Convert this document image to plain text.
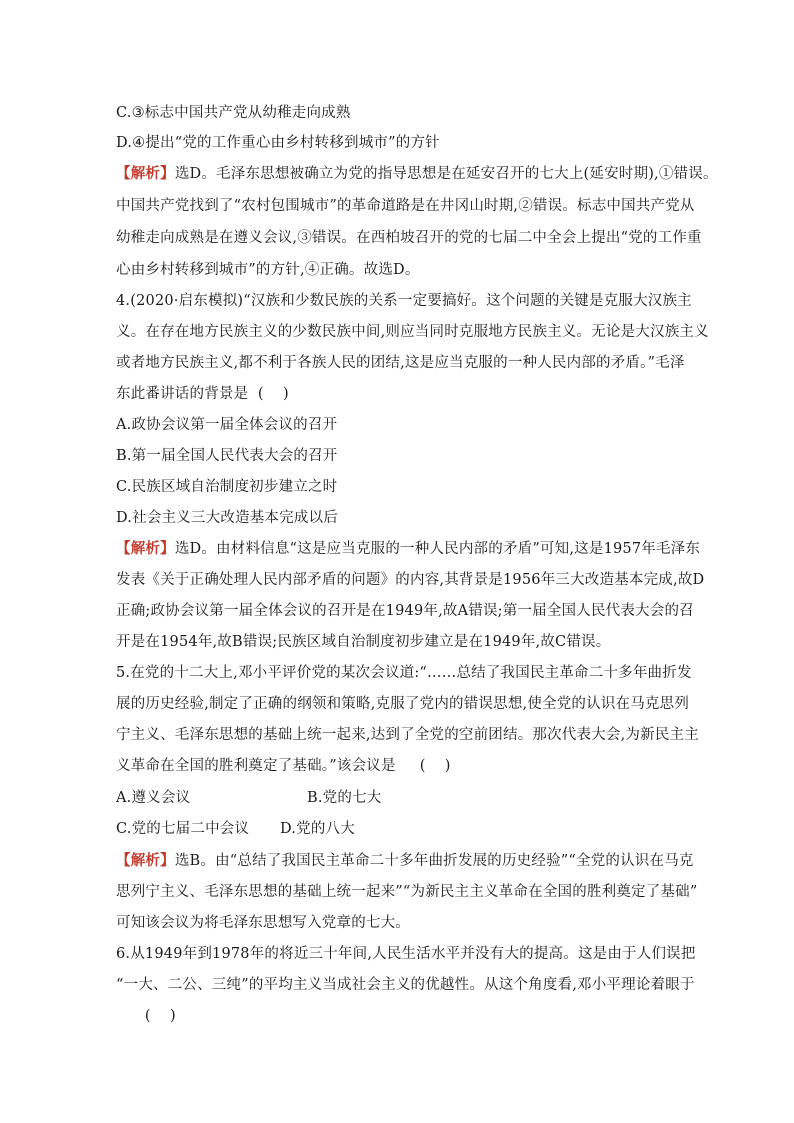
C.③标志中国共产党从幼稚走向成熟
D.④提出“党的工作重心由乡村转移到城市”的方针
【解析】选D。毛泽东思想被确立为党的指导思想是在延安召开的七大上(延安时期),①错误。
中国共产党找到了“农村包围城市”的革命道路是在井冈山时期,②错误。标志中国共产党从
幼稚走向成熟是在遵义会议,③错误。在西柏坡召开的党的七届二中全会上提出“党的工作重
心由乡村转移到城市”的方针,④正确。故选D。
4.(2020·启东模拟)“汉族和少数民族的关系一定要搞好。这个问题的关键是克服大汉族主
义。在存在地方民族主义的少数民族中间,则应当同时克服地方民族主义。无论是大汉族主义
或者地方民族主义,都不利于各族人民的团结,这是应当克服的一种人民内部的矛盾。”毛泽
东此番讲话的背景是  (    )
A.政协会议第一届全体会议的召开
B.第一届全国人民代表大会的召开
C.民族区域自治制度初步建立之时
D.社会主义三大改造基本完成以后
【解析】选D。由材料信息“这是应当克服的一种人民内部的矛盾”可知,这是1957年毛泽东
发表《关于正确处理人民内部矛盾的问题》的内容,其背景是1956年三大改造基本完成,故D
正确;政协会议第一届全体会议的召开是在1949年,故A错误;第一届全国人民代表大会的召
开是在1954年,故B错误;民族区域自治制度初步建立是在1949年,故C错误。
5.在党的十二大上,邓小平评价党的某次会议道:“……总结了我国民主革命二十多年曲折发
展的历史经验,制定了正确的纲领和策略,克服了党内的错误思想,使全党的认识在马克思列
宁主义、毛泽东思想的基础上统一起来,达到了全党的空前团结。那次代表大会,为新民主主
义革命在全国的胜利奠定了基础。”该会议是     (    )
A.遵义会议	B.党的七大
C.党的七届二中会议 D.党的八大
【解析】选B。由“总结了我国民主革命二十多年曲折发展的历史经验”“全党的认识在马克
思列宁主义、毛泽东思想的基础上统一起来”“为新民主主义革命在全国的胜利奠定了基础”
可知该会议为将毛泽东思想写入党章的七大。
6.从1949年到1978年的将近三十年间,人民生活水平并没有大的提高。这是由于人们误把
“一大、二公、三纯”的平均主义当成社会主义的优越性。从这个角度看,邓小平理论着眼于
(    )
